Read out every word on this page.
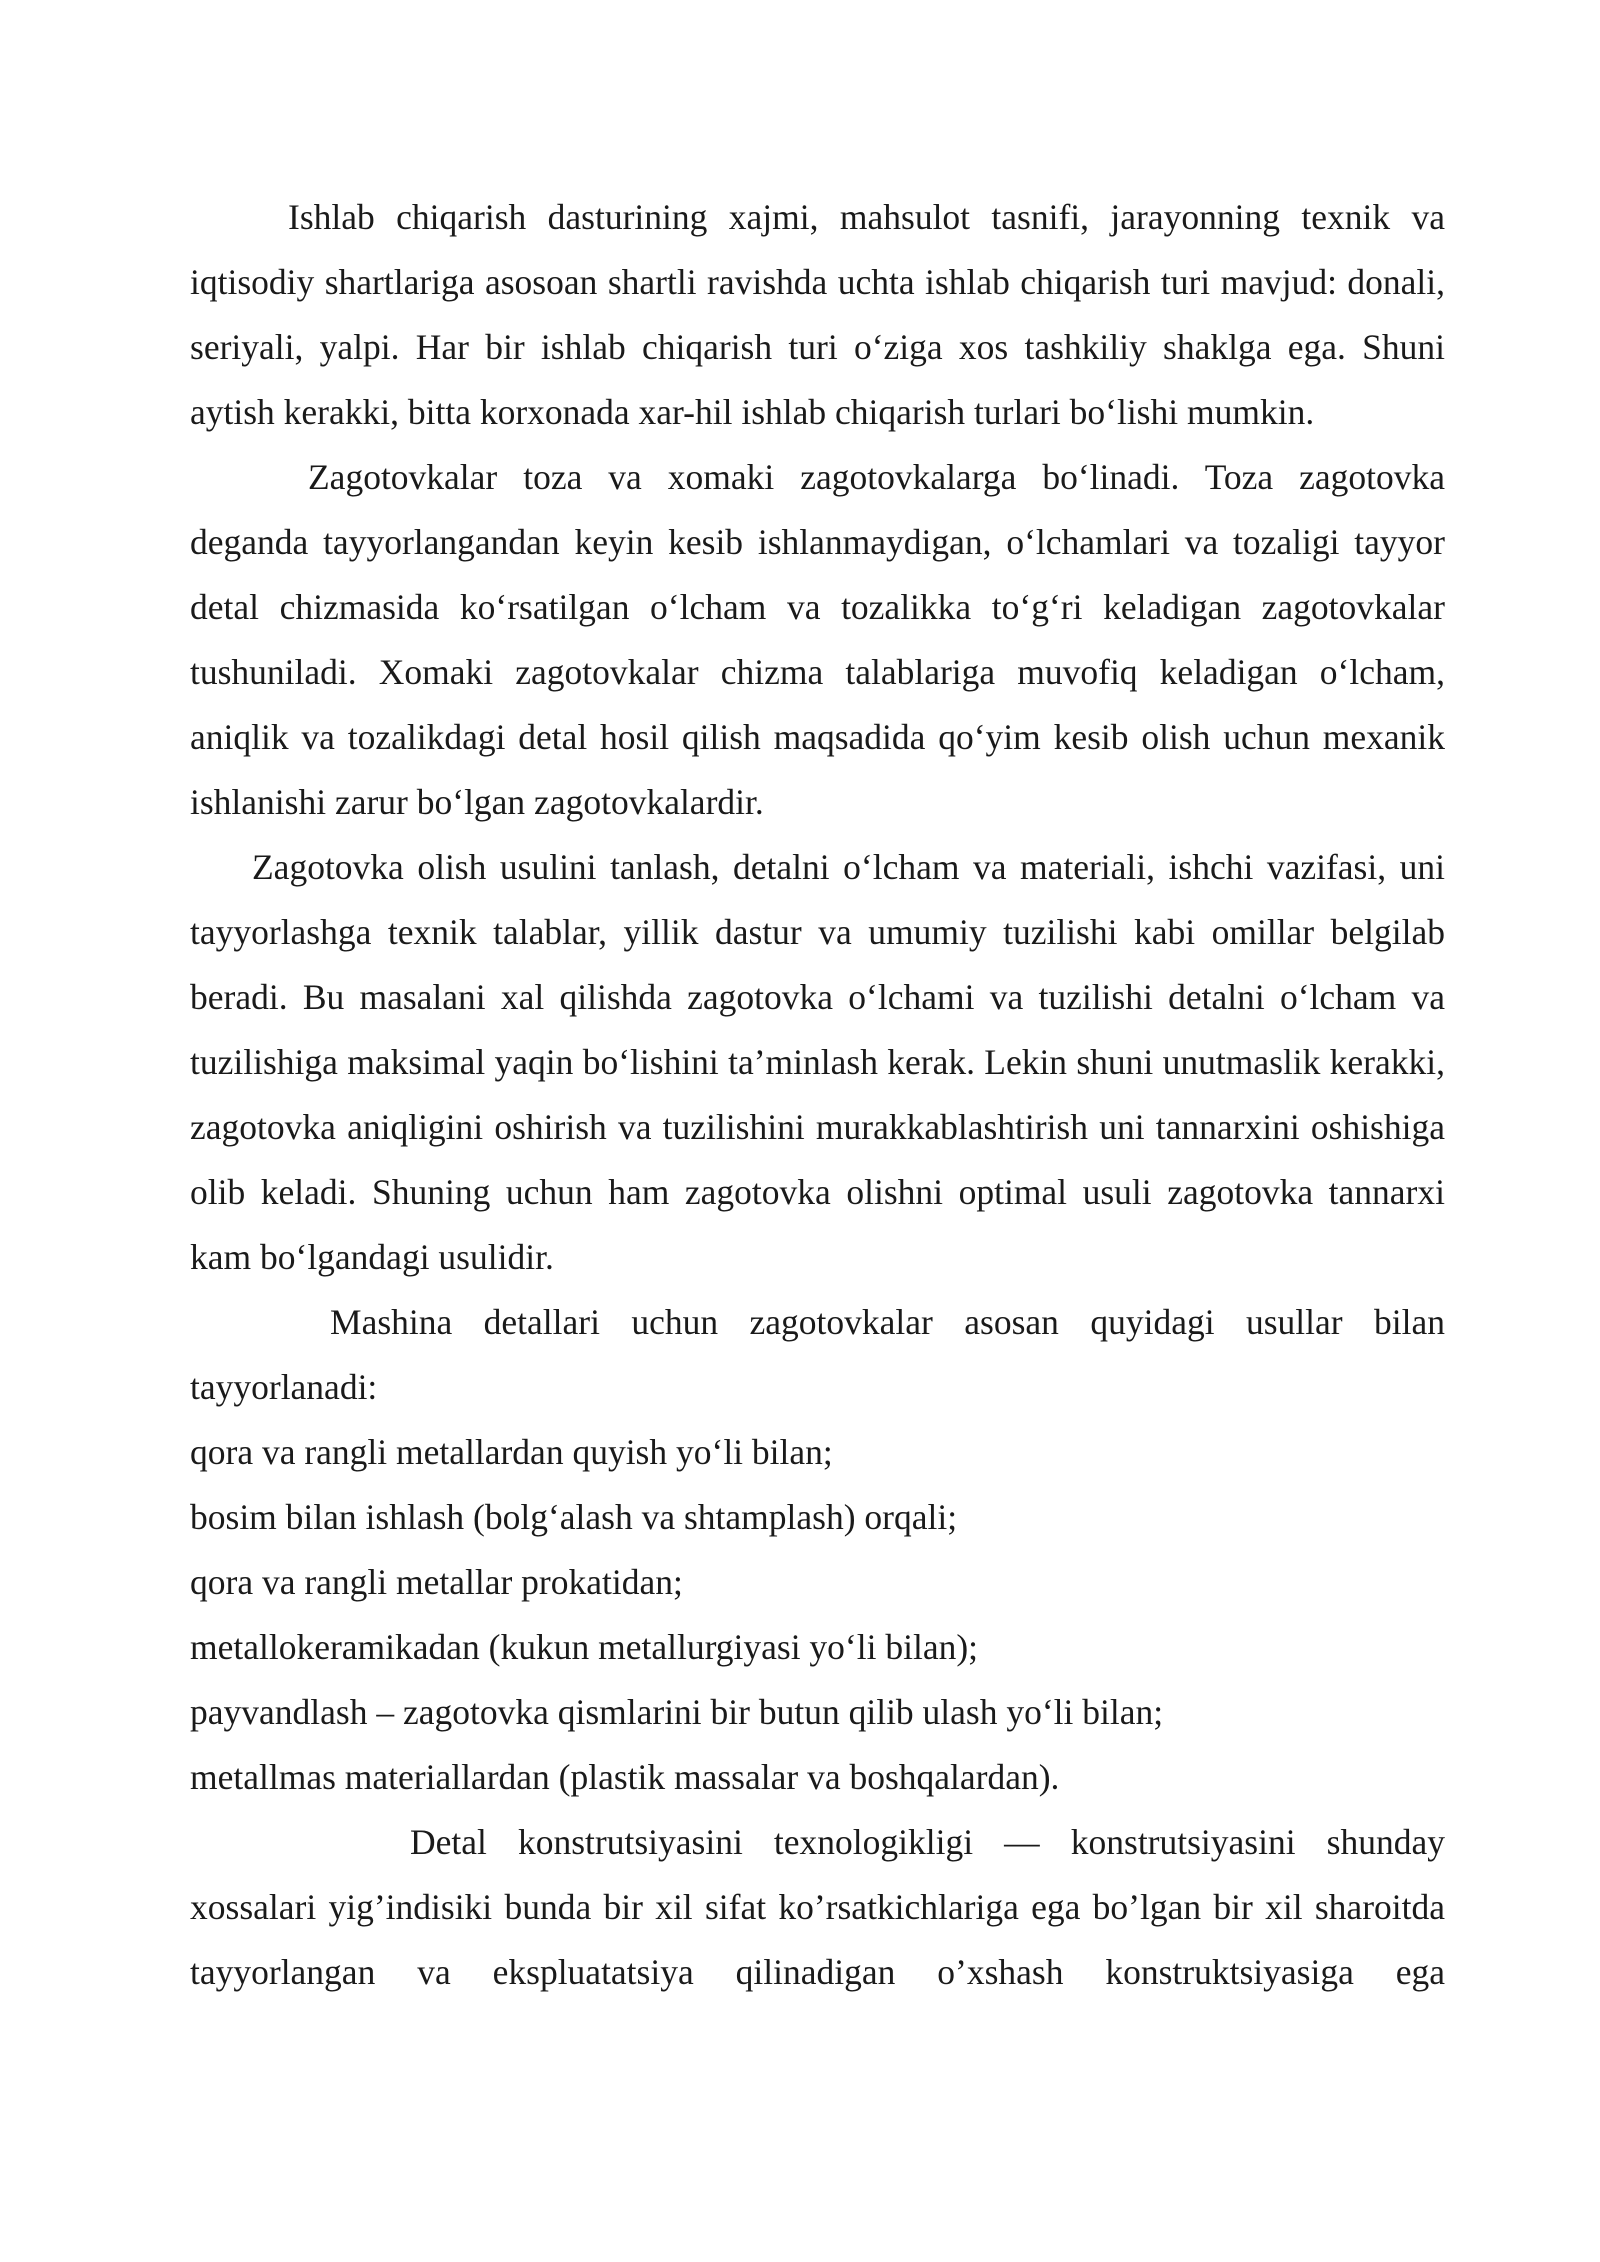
Ishlab chiqarish dasturining xajmi, mahsulot tasnifi, jarayonning texnik va iqtisodiy shartlariga asosoan shartli ravishda uchta ishlab chiqarish turi mavjud: donali, seriyali, yalpi. Har bir ishlab chiqarish turi o‘ziga xos tashkiliy shaklga ega. Shuni aytish kerakki, bitta korxonada xar-hil ishlab chiqarish turlari bo‘lishi mumkin.

Zagotovkalar toza va xomaki zagotovkalarga bo‘linadi. Toza zagotovka deganda tayyorlangandan keyin kesib ishlanmaydigan, o‘lchamlari va tozaligi tayyor detal chizmasida ko‘rsatilgan o‘lcham va tozalikka to‘g‘ri keladigan zagotovkalar tushuniladi. Xomaki zagotovkalar chizma talablariga muvofiq keladigan o‘lcham, aniqlik va tozalikdagi detal hosil qilish maqsadida qo‘yim kesib olish uchun mexanik ishlanishi zarur bo‘lgan zagotovkalardir.

Zagotovka olish usulini tanlash, detalni o‘lcham va materiali, ishchi vazifasi, uni tayyorlashga texnik talablar, yillik dastur va umumiy tuzilishi kabi omillar belgilab beradi. Bu masalani xal qilishda zagotovka o‘lchami va tuzilishi detalni o‘lcham va tuzilishiga maksimal yaqin bo‘lishini ta’minlash kerak. Lekin shuni unutmaslik kerakki, zagotovka aniqligini oshirish va tuzilishini murakkablashtirish uni tannarxini oshishiga olib keladi. Shuning uchun ham zagotovka olishni optimal usuli zagotovka tannarxi kam bo‘lgandagi usulidir.

Mashina detallari uchun zagotovkalar asosan quyidagi usullar bilan tayyorlanadi:

qora va rangli metallardan quyish yo‘li bilan;
bosim bilan ishlash (bolg‘alash va shtamplash) orqali;
qora va rangli metallar prokatidan;
metallokeramikadan (kukun metallurgiyasi yo‘li bilan);
payvandlash – zagotovka qismlarini bir butun qilib ulash yo‘li bilan;
metallmas materiallardan (plastik massalar va boshqalardan).

Detal konstrutsiyasini texnologikligi — konstrutsiyasini shunday xossalari yig’indisiki bunda bir xil sifat ko’rsatkichlariga ega bo’lgan bir xil sharoitda tayyorlangan va ekspluatatsiya qilinadigan o’xshash konstruktsiyasiga ega
